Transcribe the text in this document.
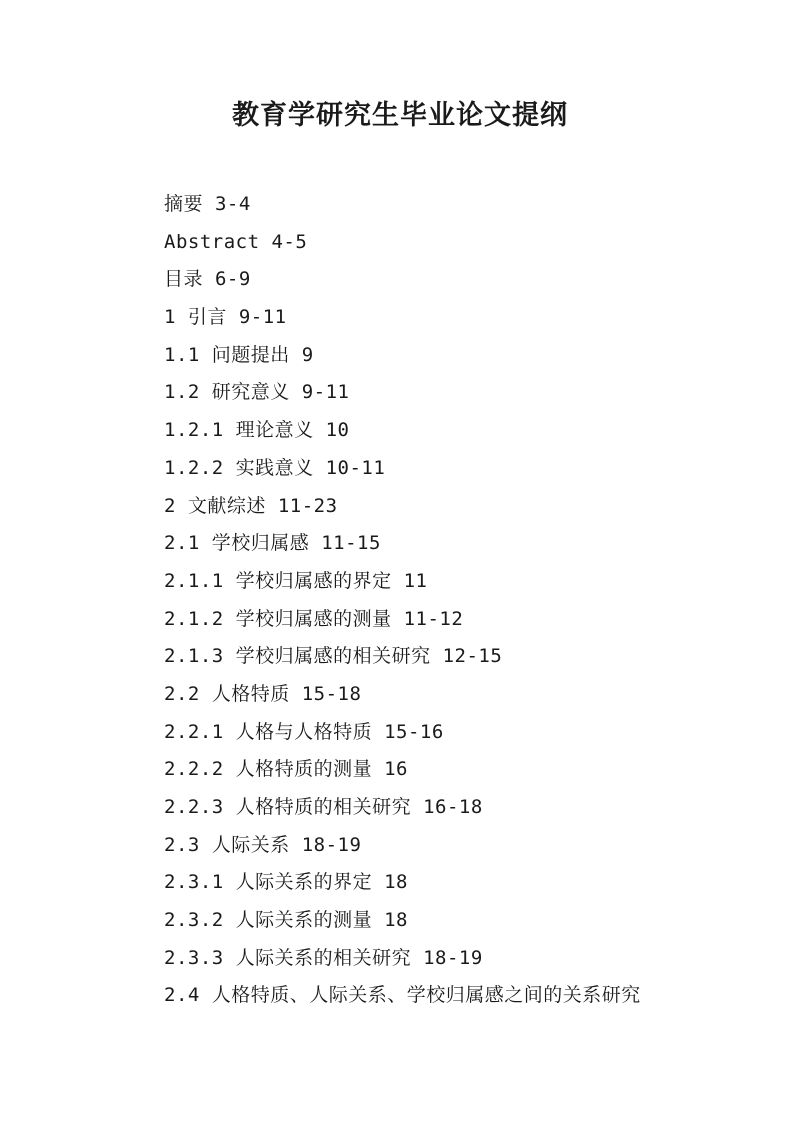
教育学研究生毕业论文提纲
摘要 3-4
Abstract 4-5
目录 6-9
1 引言 9-11
1.1 问题提出 9
1.2 研究意义 9-11
1.2.1 理论意义 10
1.2.2 实践意义 10-11
2 文献综述 11-23
2.1 学校归属感 11-15
2.1.1 学校归属感的界定 11
2.1.2 学校归属感的测量 11-12
2.1.3 学校归属感的相关研究 12-15
2.2 人格特质 15-18
2.2.1 人格与人格特质 15-16
2.2.2 人格特质的测量 16
2.2.3 人格特质的相关研究 16-18
2.3 人际关系 18-19
2.3.1 人际关系的界定 18
2.3.2 人际关系的测量 18
2.3.3 人际关系的相关研究 18-19
2.4 人格特质、人际关系、学校归属感之间的关系研究
